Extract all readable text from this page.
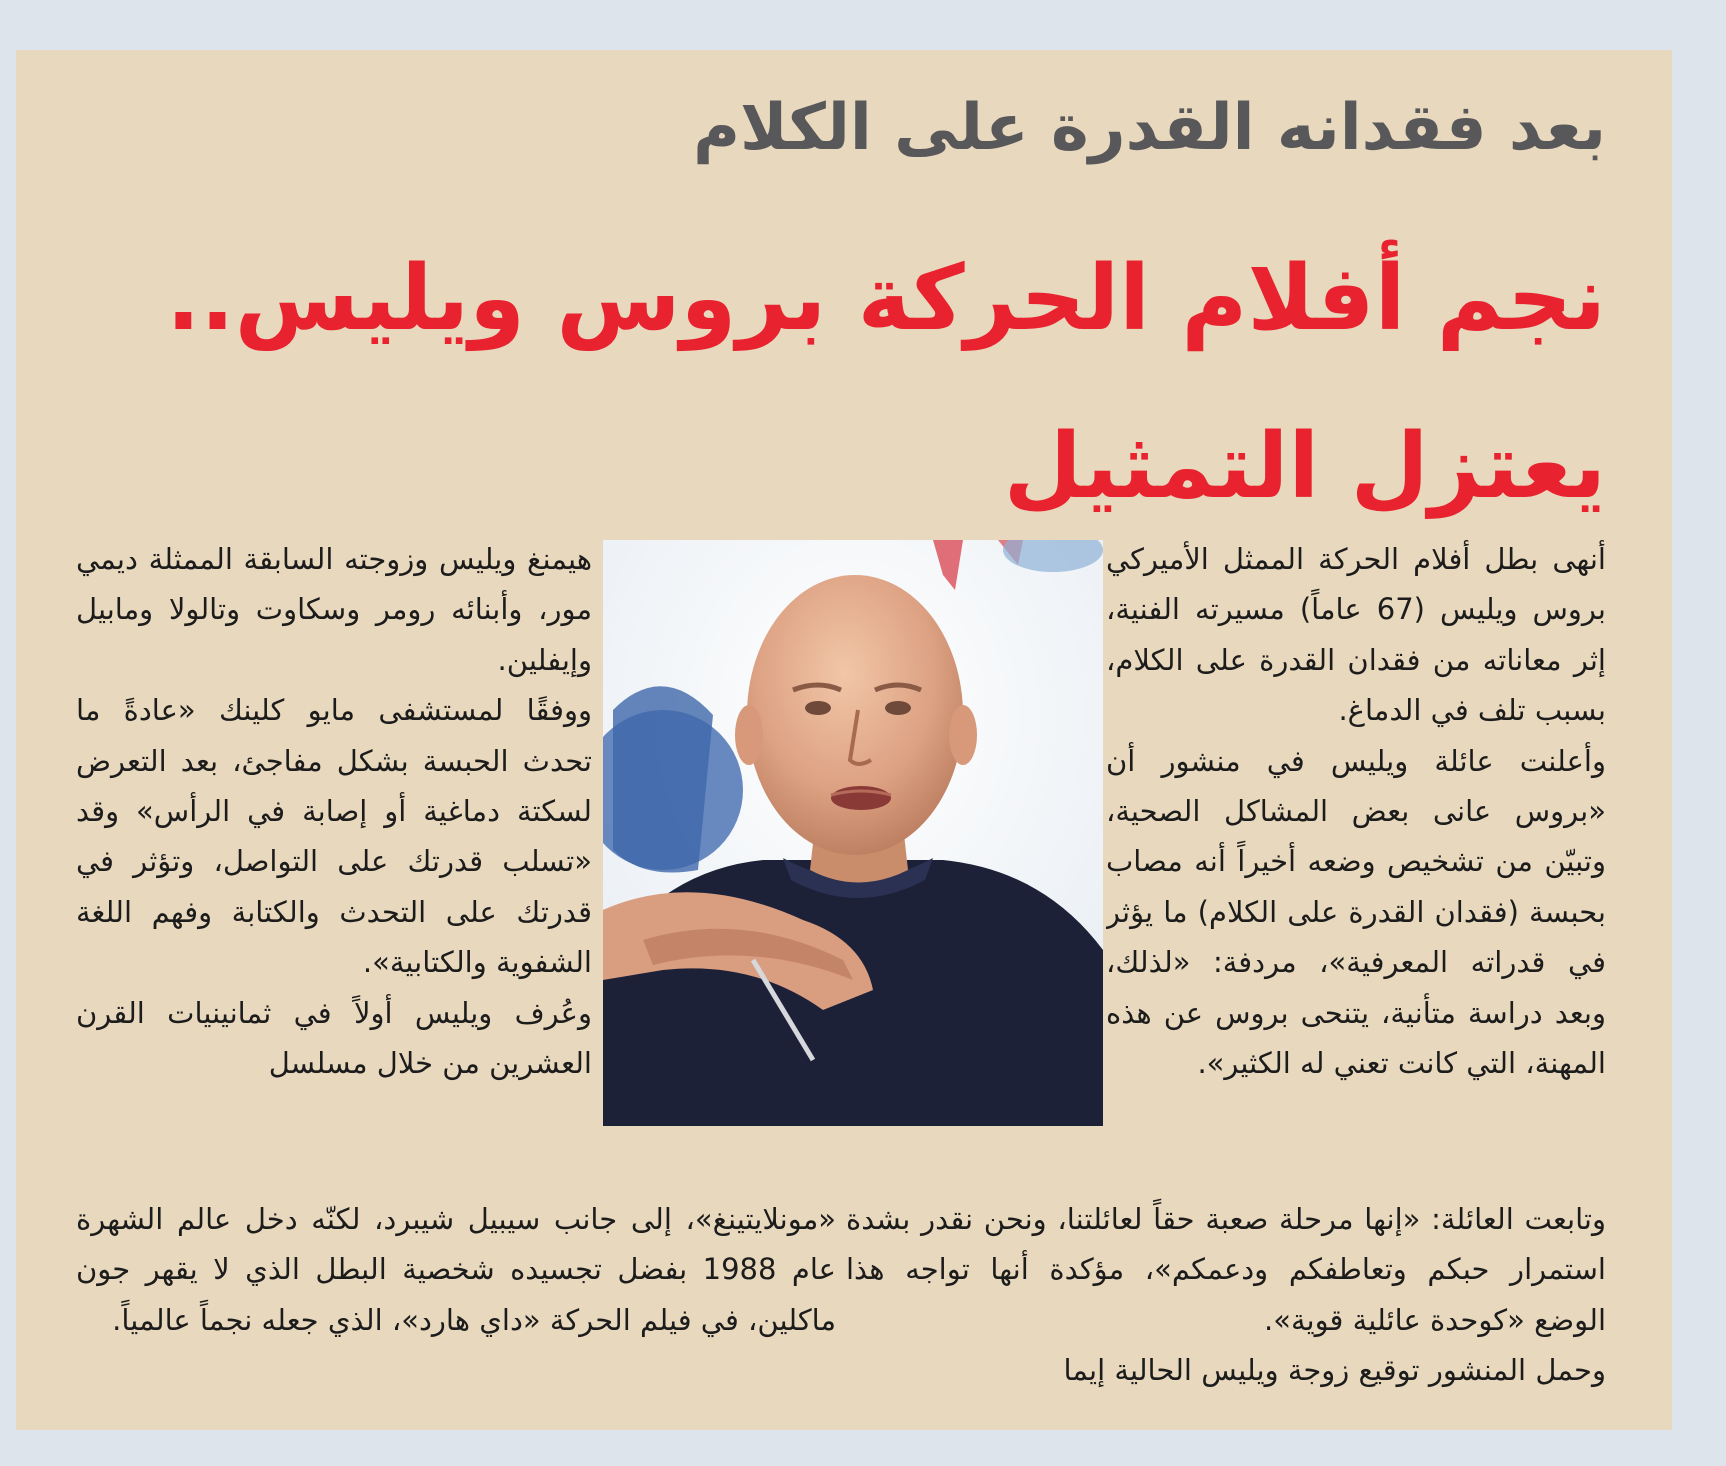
بعد فقدانه القدرة على الكلام
نجم أفلام الحركة بروس ويليس.. يعتزل التمثيل

أنهى بطل أفلام الحركة الممثل الأميركي بروس ويليس (67 عاماً) مسيرته الفنية، إثر معاناته من فقدان القدرة على الكلام، بسبب تلف في الدماغ.

وأعلنت عائلة ويليس في منشور أن «بروس عانى بعض المشاكل الصحية، وتبيّن من تشخيص وضعه أخيراً أنه مصاب بحبسة (فقدان القدرة على الكلام) ما يؤثر في قدراته المعرفية»، مردفة: «لذلك، وبعد دراسة متأنية، يتنحى بروس عن هذه المهنة، التي كانت تعني له الكثير».

هيمنغ ويليس وزوجته السابقة الممثلة ديمي مور، وأبنائه رومر وسكاوت وتالولا ومابيل وإيفلين.

ووفقًا لمستشفى مايو كلينك «عادةً ما تحدث الحبسة بشكل مفاجئ، بعد التعرض لسكتة دماغية أو إصابة في الرأس» وقد «تسلب قدرتك على التواصل، وتؤثر في قدرتك على التحدث والكتابة وفهم اللغة الشفوية والكتابية».

وعُرف ويليس أولاً في ثمانينيات القرن العشرين من خلال مسلسل

وتابعت العائلة: «إنها مرحلة صعبة حقاً لعائلتنا، ونحن نقدر بشدة استمرار حبكم وتعاطفكم ودعمكم»، مؤكدة أنها تواجه هذا الوضع «كوحدة عائلية قوية».

وحمل المنشور توقيع زوجة ويليس الحالية إيما

«مونلايتينغ»، إلى جانب سيبيل شيبرد، لكنّه دخل عالم الشهرة عام 1988 بفضل تجسيده شخصية البطل الذي لا يقهر جون ماكلين، في فيلم الحركة «داي هارد»، الذي جعله نجماً عالمياً.
